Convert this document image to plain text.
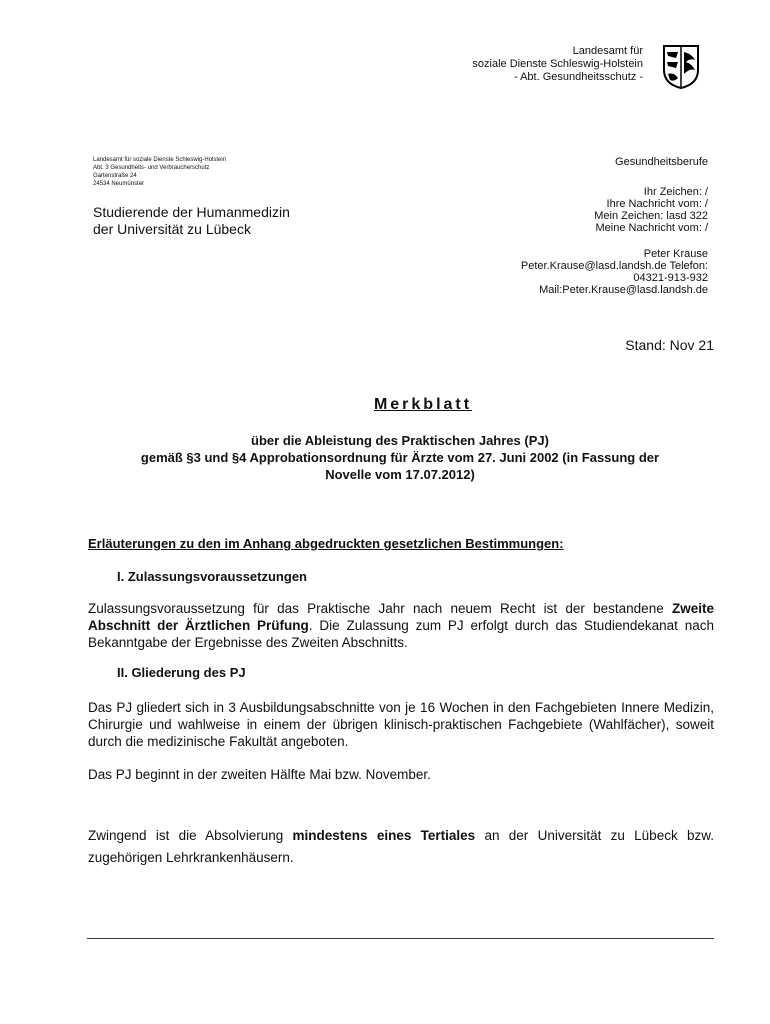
Landesamt für
soziale Dienste Schleswig-Holstein
- Abt. Gesundheitsschutz -
Landesamt für soziale Dienste Schleswig-Holstein
Abt. 3 Gesundheits- und Verbraucherschutz
Gartenstraße 24
24534 Neumünster
Studierende der Humanmedizin
der Universität zu Lübeck
Gesundheitsberufe
Ihr Zeichen: /
Ihre Nachricht vom: /
Mein Zeichen: lasd 322
Meine Nachricht vom: /
Peter Krause
Peter.Krause@lasd.landsh.de Telefon:
04321-913-932
Mail:Peter.Krause@lasd.landsh.de
Stand: Nov 21
Merkblatt
über die Ableistung des Praktischen Jahres (PJ)
gemäß §3 und §4 Approbationsordnung für Ärzte vom 27. Juni 2002 (in Fassung der
Novelle vom 17.07.2012)
Erläuterungen zu den im Anhang abgedruckten gesetzlichen Bestimmungen:
I. Zulassungsvoraussetzungen
Zulassungsvoraussetzung für das Praktische Jahr nach neuem Recht ist der bestandene Zweite Abschnitt der Ärztlichen Prüfung. Die Zulassung zum PJ erfolgt durch das Studiendekanat nach Bekanntgabe der Ergebnisse des Zweiten Abschnitts.
II. Gliederung des PJ
Das PJ gliedert sich in 3 Ausbildungsabschnitte von je 16 Wochen in den Fachgebieten Innere Medizin, Chirurgie und wahlweise in einem der übrigen klinisch-praktischen Fachgebiete (Wahlfächer), soweit durch die medizinische Fakultät angeboten.
Das PJ beginnt in der zweiten Hälfte Mai bzw. November.
Zwingend ist die Absolvierung mindestens eines Tertiales an der Universität zu Lübeck bzw. zugehörigen Lehrkrankenhäusern.
